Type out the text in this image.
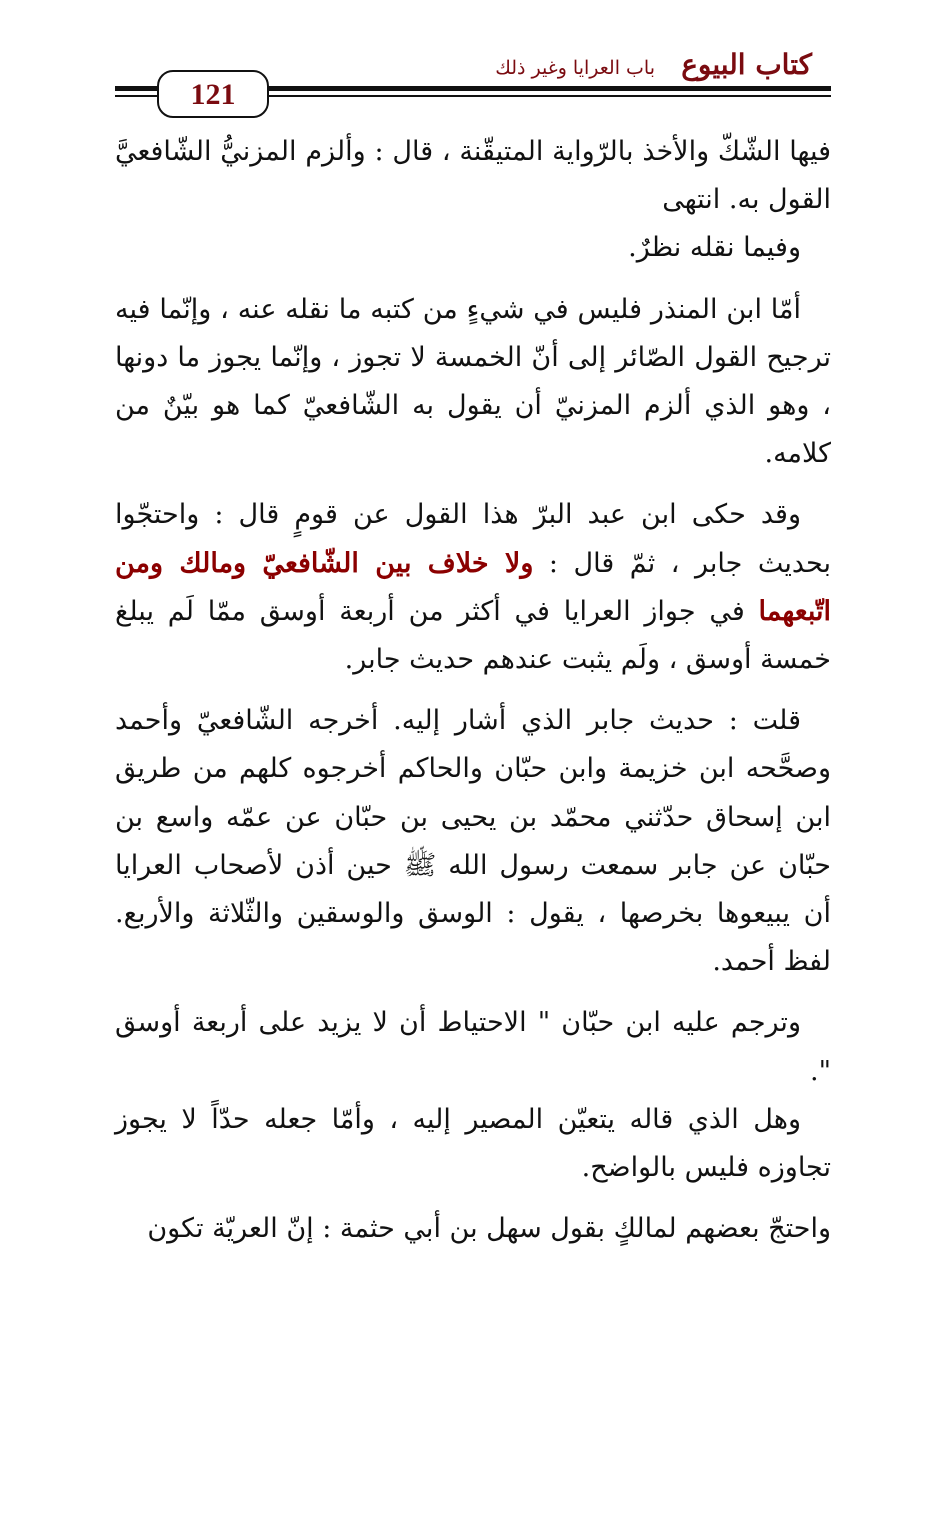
كتاب البيوع
باب العرايا وغير ذلك
121

فيها الشّكّ والأخذ بالرّواية المتيقّنة ، قال : وألزم المزنيُّ الشّافعيَّ القول به. انتهى

وفيما نقله نظرٌ.

أمّا ابن المنذر فليس في شيءٍ من كتبه ما نقله عنه ، وإنّما فيه ترجيح القول الصّائر إلى أنّ الخمسة لا تجوز ، وإنّما يجوز ما دونها ، وهو الذي ألزم المزنيّ أن يقول به الشّافعيّ كما هو بيّنٌ من كلامه.

وقد حكى ابن عبد البرّ هذا القول عن قومٍ قال : واحتجّوا بحديث جابر ، ثمّ قال : ولا خلاف بين الشّافعيّ ومالك ومن اتّبعهما في جواز العرايا في أكثر من أربعة أوسق ممّا لَم يبلغ خمسة أوسق ، ولَم يثبت عندهم حديث جابر.

قلت : حديث جابر الذي أشار إليه. أخرجه الشّافعيّ وأحمد وصحَّحه ابن خزيمة وابن حبّان والحاكم أخرجوه كلهم من طريق ابن إسحاق حدّثني محمّد بن يحيى بن حبّان عن عمّه واسع بن حبّان عن جابر سمعت رسول الله ﷺ حين أذن لأصحاب العرايا أن يبيعوها بخرصها ، يقول : الوسق والوسقين والثّلاثة والأربع. لفظ أحمد.

وترجم عليه ابن حبّان " الاحتياط أن لا يزيد على أربعة أوسق ".

وهل الذي قاله يتعيّن المصير إليه ، وأمّا جعله حدّاً لا يجوز تجاوزه فليس بالواضح.

واحتجّ بعضهم لمالكٍ بقول سهل بن أبي حثمة : إنّ العريّة تكون
